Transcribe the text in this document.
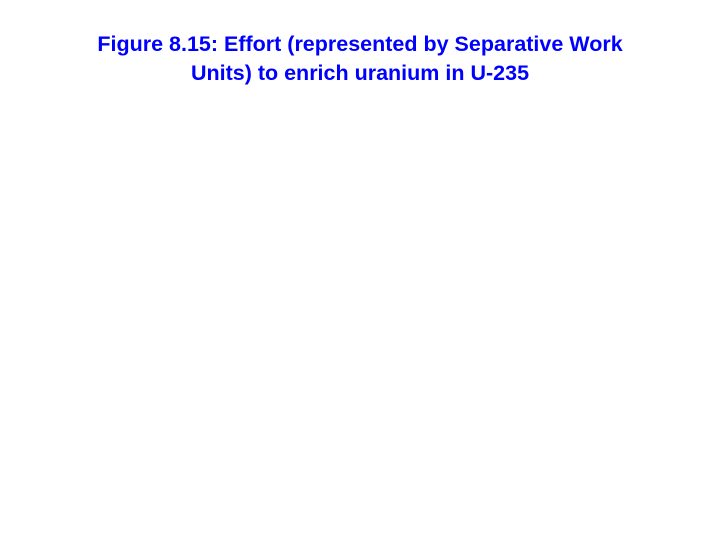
Figure 8.15: Effort (represented by Separative Work
Units) to enrich uranium in U-235
